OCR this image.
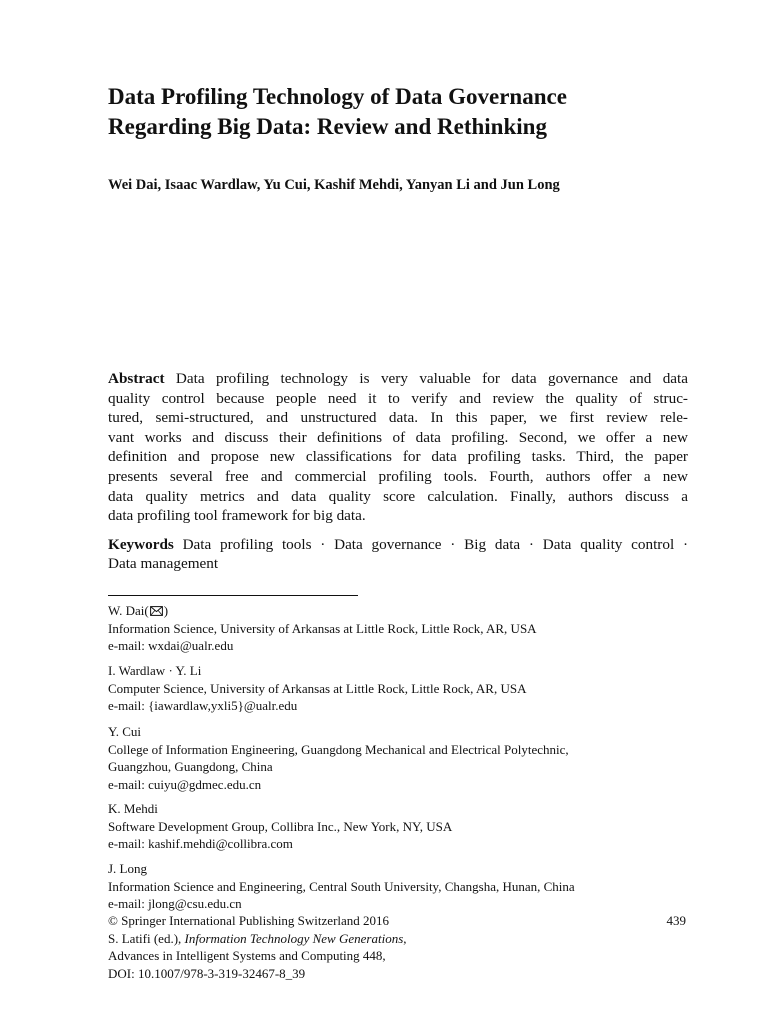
Data Profiling Technology of Data Governance
Regarding Big Data: Review and Rethinking
Wei Dai, Isaac Wardlaw, Yu Cui, Kashif Mehdi, Yanyan Li and Jun Long
Abstract Data profiling technology is very valuable for data governance and data
quality control because people need it to verify and review the quality of struc-
tured, semi-structured, and unstructured data. In this paper, we first review rele-
vant works and discuss their definitions of data profiling. Second, we offer a new
definition and propose new classifications for data profiling tasks. Third, the paper
presents several free and commercial profiling tools. Fourth, authors offer a new
data quality metrics and data quality score calculation. Finally, authors discuss a
data profiling tool framework for big data.
Keywords Data profiling tools · Data governance · Big data · Data quality control ·
Data management
W. Dai( )
Information Science, University of Arkansas at Little Rock, Little Rock, AR, USA
e-mail: wxdai@ualr.edu
I. Wardlaw · Y. Li
Computer Science, University of Arkansas at Little Rock, Little Rock, AR, USA
e-mail: {iawardlaw,yxli5}@ualr.edu
Y. Cui
College of Information Engineering, Guangdong Mechanical and Electrical Polytechnic,
Guangzhou, Guangdong, China
e-mail: cuiyu@gdmec.edu.cn
K. Mehdi
Software Development Group, Collibra Inc., New York, NY, USA
e-mail: kashif.mehdi@collibra.com
J. Long
Information Science and Engineering, Central South University, Changsha, Hunan, China
e-mail: jlong@csu.edu.cn
© Springer International Publishing Switzerland 2016
S. Latifi (ed.), Information Technology New Generations,
Advances in Intelligent Systems and Computing 448,
DOI: 10.1007/978-3-319-32467-8_39
439
